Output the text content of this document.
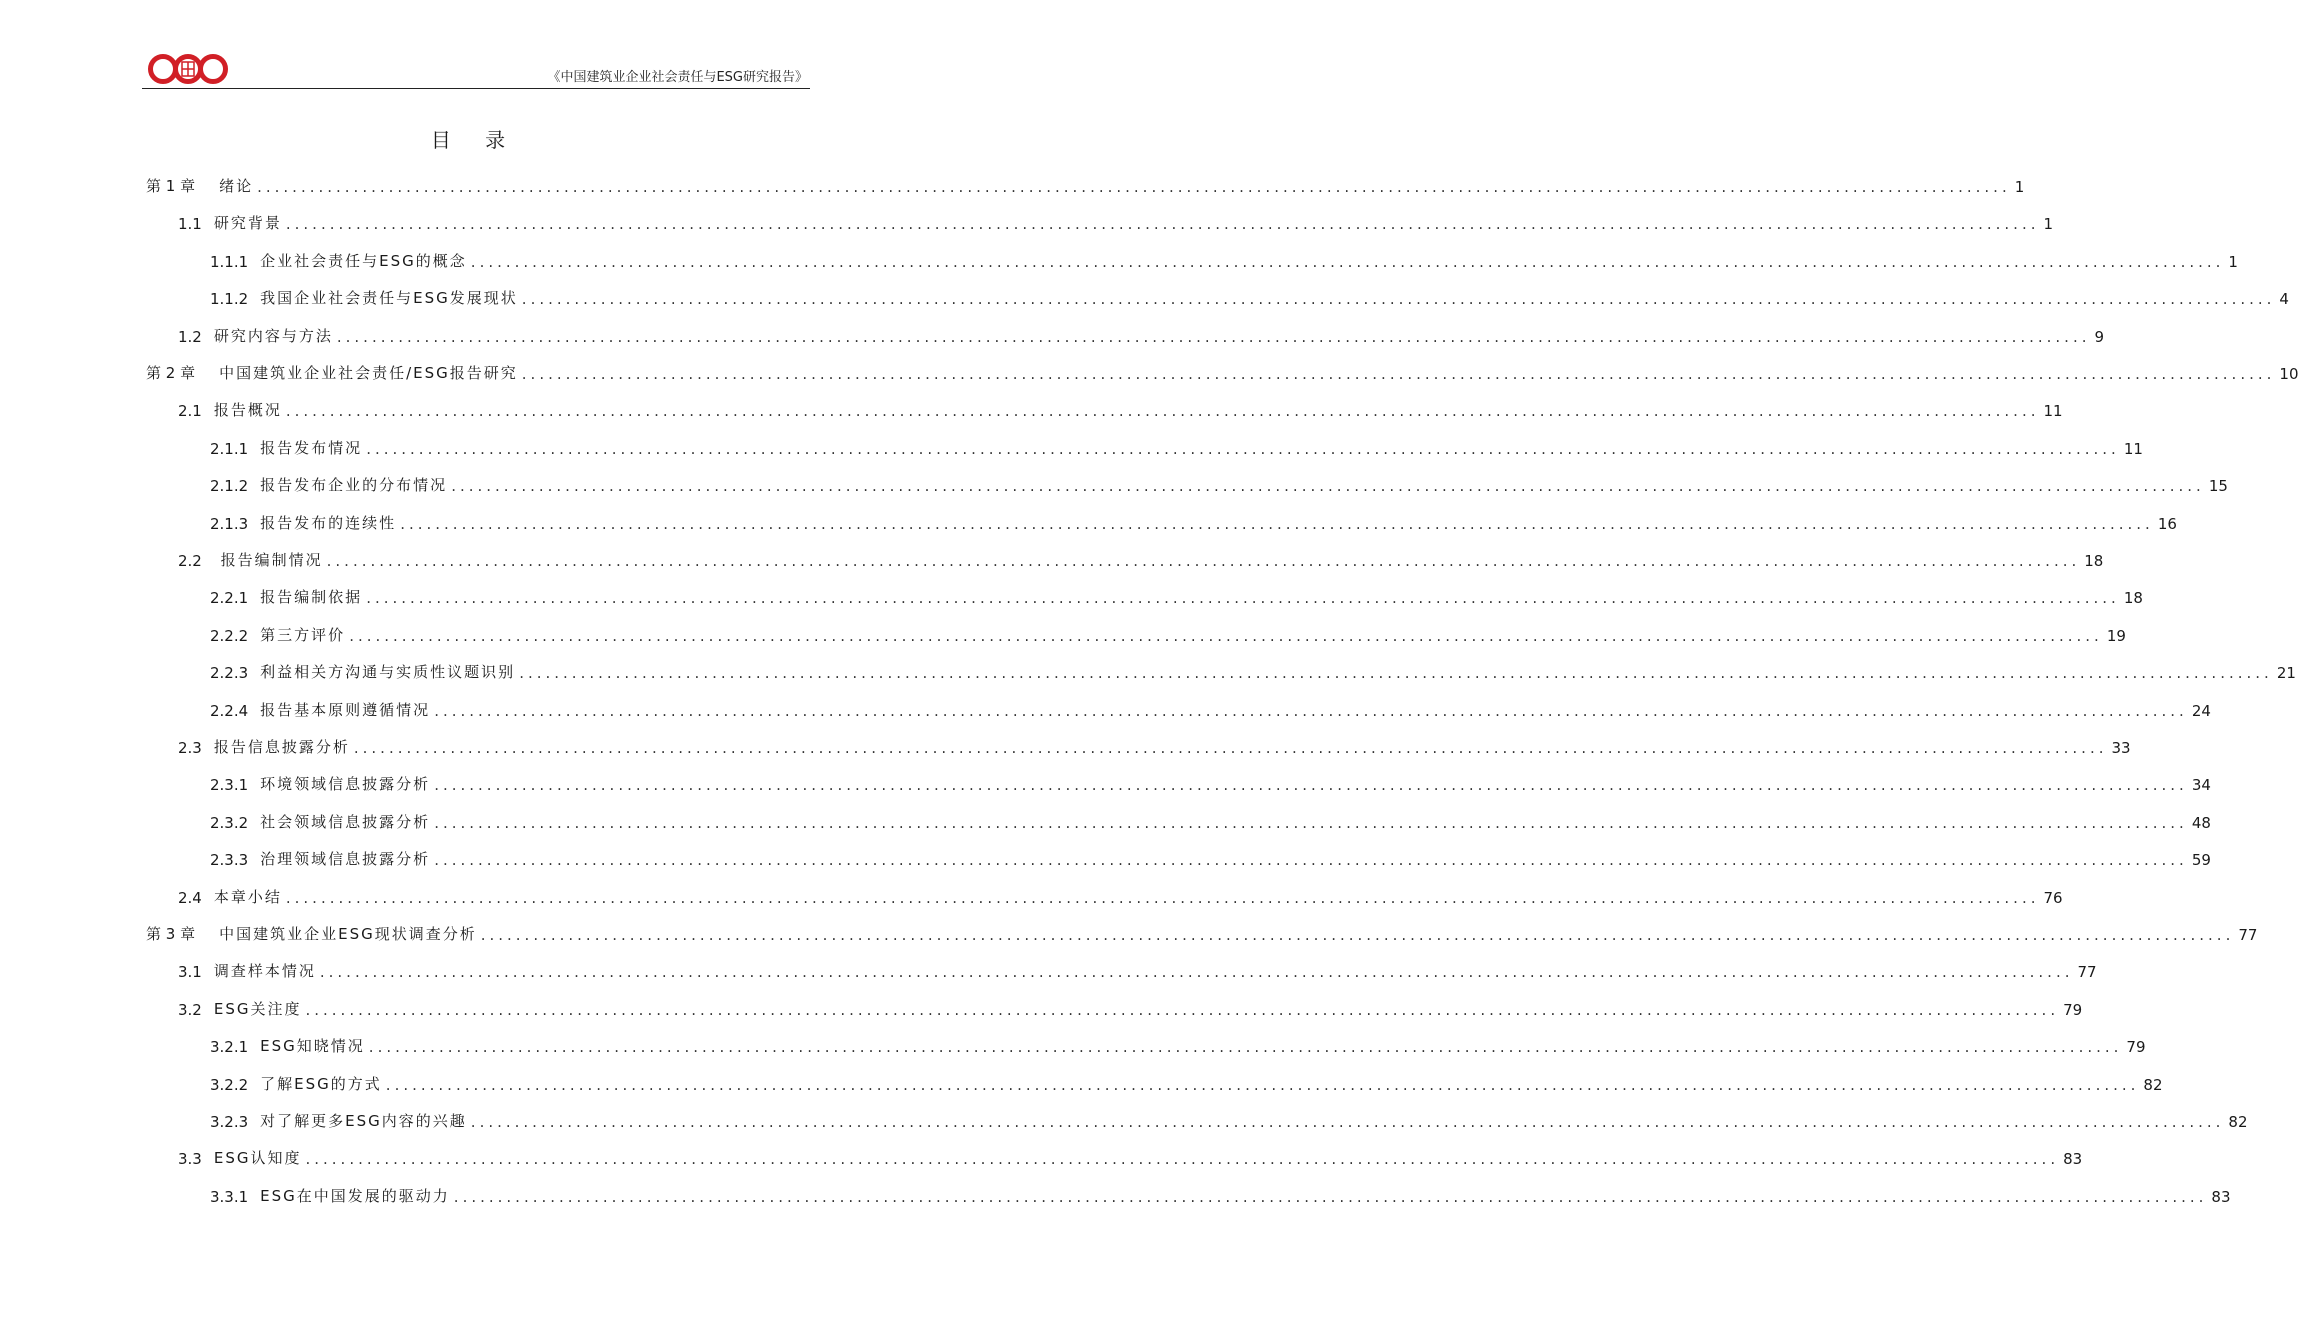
《中国建筑业企业社会责任与ESG研究报告》
目 录
第 1 章 绪论 ........................................................................................................................................................................................................ 1
1.1 研究背景 ........................................................................................................................................................................................................ 1
1.1.1 企业社会责任与ESG的概念 ........................................................................................................................................................................................................ 1
1.1.2 我国企业社会责任与ESG发展现状 ........................................................................................................................................................................................................ 4
1.2 研究内容与方法 ........................................................................................................................................................................................................ 9
第 2 章 中国建筑业企业社会责任/ESG报告研究 ........................................................................................................................................................................................................ 10
2.1 报告概况 ........................................................................................................................................................................................................ 11
2.1.1 报告发布情况 ........................................................................................................................................................................................................ 11
2.1.2 报告发布企业的分布情况 ........................................................................................................................................................................................................ 15
2.1.3 报告发布的连续性 ........................................................................................................................................................................................................ 16
2.2 报告编制情况 ........................................................................................................................................................................................................ 18
2.2.1 报告编制依据 ........................................................................................................................................................................................................ 18
2.2.2 第三方评价 ........................................................................................................................................................................................................ 19
2.2.3 利益相关方沟通与实质性议题识别 ........................................................................................................................................................................................................ 21
2.2.4 报告基本原则遵循情况 ........................................................................................................................................................................................................ 24
2.3 报告信息披露分析 ........................................................................................................................................................................................................ 33
2.3.1 环境领域信息披露分析 ........................................................................................................................................................................................................ 34
2.3.2 社会领域信息披露分析 ........................................................................................................................................................................................................ 48
2.3.3 治理领域信息披露分析 ........................................................................................................................................................................................................ 59
2.4 本章小结 ........................................................................................................................................................................................................ 76
第 3 章 中国建筑业企业ESG现状调查分析 ........................................................................................................................................................................................................ 77
3.1 调查样本情况 ........................................................................................................................................................................................................ 77
3.2 ESG关注度 ........................................................................................................................................................................................................ 79
3.2.1 ESG知晓情况 ........................................................................................................................................................................................................ 79
3.2.2 了解ESG的方式 ........................................................................................................................................................................................................ 82
3.2.3 对了解更多ESG内容的兴趣 ........................................................................................................................................................................................................ 82
3.3 ESG认知度 ........................................................................................................................................................................................................ 83
3.3.1 ESG在中国发展的驱动力 ........................................................................................................................................................................................................ 83
